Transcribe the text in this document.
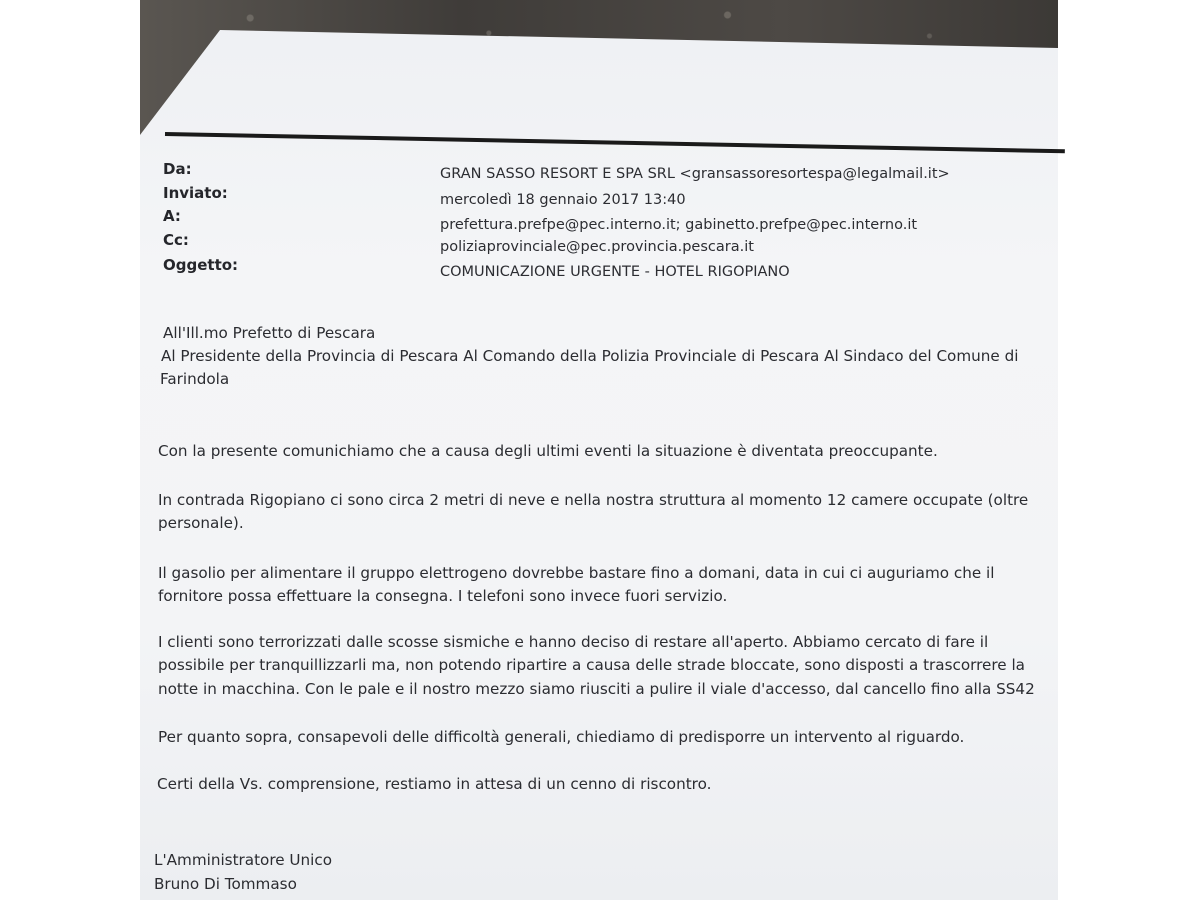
Da:
Inviato:
A:
Cc:
Oggetto:
GRAN SASSO RESORT E SPA SRL <gransassoresortespa@legalmail.it>
mercoledì 18 gennaio 2017 13:40
prefettura.prefpe@pec.interno.it; gabinetto.prefpe@pec.interno.it
poliziaprovinciale@pec.provincia.pescara.it
COMUNICAZIONE URGENTE - HOTEL RIGOPIANO
All'Ill.mo Prefetto di Pescara
Al Presidente della Provincia di Pescara Al Comando della Polizia Provinciale di Pescara Al Sindaco del Comune di
Farindola
Con la presente comunichiamo che a causa degli ultimi eventi la situazione è diventata preoccupante.
In contrada Rigopiano ci sono circa 2 metri di neve e nella nostra struttura al momento 12 camere occupate (oltre
personale).
Il gasolio per alimentare il gruppo elettrogeno dovrebbe bastare fino a domani, data in cui ci auguriamo che il
fornitore possa effettuare la consegna. I telefoni sono invece fuori servizio.
I clienti sono terrorizzati dalle scosse sismiche e hanno deciso di restare all'aperto. Abbiamo cercato di fare il
possibile per tranquillizzarli ma, non potendo ripartire a causa delle strade bloccate, sono disposti a trascorrere la
notte in macchina. Con le pale e il nostro mezzo siamo riusciti a pulire il viale d'accesso, dal cancello fino alla SS42
Per quanto sopra, consapevoli delle difficoltà generali, chiediamo di predisporre un intervento al riguardo.
Certi della Vs. comprensione, restiamo in attesa di un cenno di riscontro.
L'Amministratore Unico
Bruno Di Tommaso
